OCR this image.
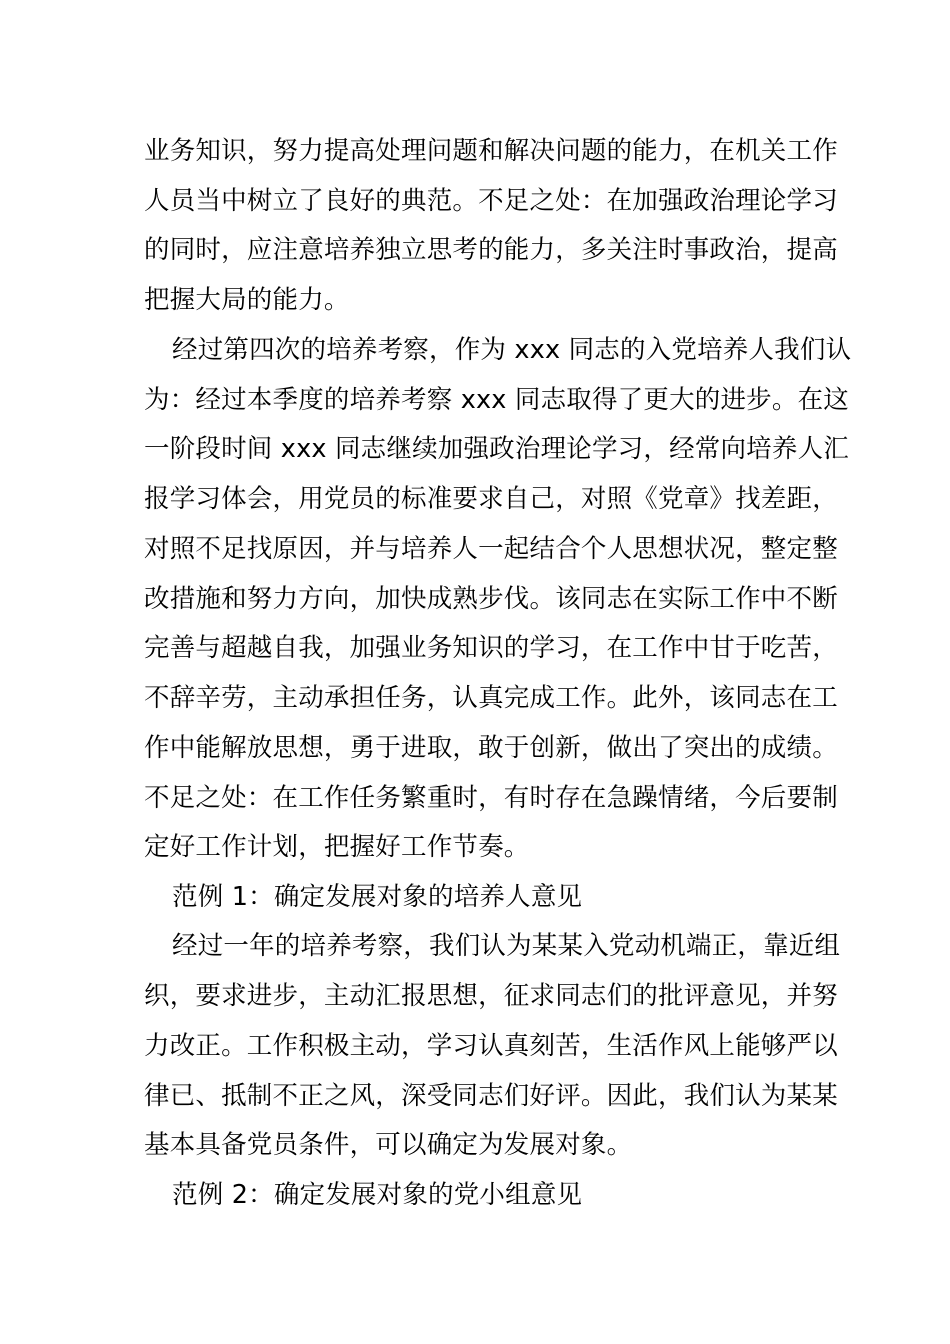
业务知识，努力提高处理问题和解决问题的能力，在机关工作
人员当中树立了良好的典范。不足之处：在加强政治理论学习
的同时，应注意培养独立思考的能力，多关注时事政治，提高
把握大局的能力。
经过第四次的培养考察，作为 xxx 同志的入党培养人我们认
为：经过本季度的培养考察 xxx 同志取得了更大的进步。在这
一阶段时间 xxx 同志继续加强政治理论学习，经常向培养人汇
报学习体会，用党员的标准要求自己，对照《党章》找差距，
对照不足找原因，并与培养人一起结合个人思想状况，整定整
改措施和努力方向，加快成熟步伐。该同志在实际工作中不断
完善与超越自我，加强业务知识的学习，在工作中甘于吃苦，
不辞辛劳，主动承担任务，认真完成工作。此外，该同志在工
作中能解放思想，勇于进取，敢于创新，做出了突出的成绩。
不足之处：在工作任务繁重时，有时存在急躁情绪，今后要制
定好工作计划，把握好工作节奏。
范例 1：确定发展对象的培养人意见
经过一年的培养考察，我们认为某某入党动机端正，靠近组
织，要求进步，主动汇报思想，征求同志们的批评意见，并努
力改正。工作积极主动，学习认真刻苦，生活作风上能够严以
律已、抵制不正之风，深受同志们好评。因此，我们认为某某
基本具备党员条件，可以确定为发展对象。
范例 2：确定发展对象的党小组意见
